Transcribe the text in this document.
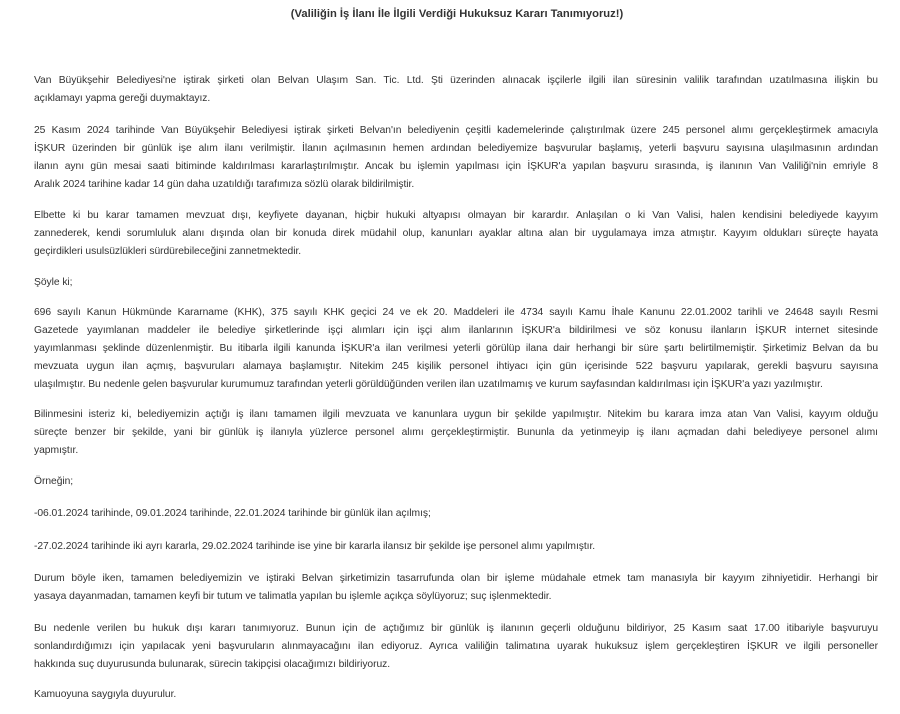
(Valiliğin İş İlanı İle İlgili Verdiği Hukuksuz Kararı Tanımıyoruz!)

Van Büyükşehir Belediyesi'ne iştirak şirketi olan Belvan Ulaşım San. Tic. Ltd. Şti üzerinden alınacak işçilerle ilgili ilan süresinin valilik tarafından uzatılmasına ilişkin bu
açıklamayı yapma gereği duymaktayız.

25 Kasım 2024 tarihinde Van Büyükşehir Belediyesi iştirak şirketi Belvan'ın belediyenin çeşitli kademelerinde çalıştırılmak üzere 245 personel alımı gerçekleştirmek amacıyla
İŞKUR üzerinden bir günlük işe alım ilanı verilmiştir. İlanın açılmasının hemen ardından belediyemize başvurular başlamış, yeterli başvuru sayısına ulaşılmasının ardından
ilanın aynı gün mesai saati bitiminde kaldırılması kararlaştırılmıştır. Ancak bu işlemin yapılması için İŞKUR'a yapılan başvuru sırasında, iş ilanının Van Valiliği'nin emriyle 8
Aralık 2024 tarihine kadar 14 gün daha uzatıldığı tarafımıza sözlü olarak bildirilmiştir.

Elbette ki bu karar tamamen mevzuat dışı, keyfiyete dayanan, hiçbir hukuki altyapısı olmayan bir karardır. Anlaşılan o ki Van Valisi, halen kendisini belediyede kayyım
zannederek, kendi sorumluluk alanı dışında olan bir konuda direk müdahil olup, kanunları ayaklar altına alan bir uygulamaya imza atmıştır. Kayyım oldukları süreçte hayata
geçirdikleri usulsüzlükleri sürdürebileceğini zannetmektedir.

Şöyle ki;

696 sayılı Kanun Hükmünde Kararname (KHK), 375 sayılı KHK geçici 24 ve ek 20. Maddeleri ile 4734 sayılı Kamu İhale Kanunu 22.01.2002 tarihli ve 24648 sayılı Resmi
Gazetede yayımlanan maddeler ile belediye şirketlerinde işçi alımları için işçi alım ilanlarının İŞKUR'a bildirilmesi ve söz konusu ilanların İŞKUR internet sitesinde
yayımlanması şeklinde düzenlenmiştir. Bu itibarla ilgili kanunda İŞKUR'a ilan verilmesi yeterli görülüp ilana dair herhangi bir süre şartı belirtilmemiştir. Şirketimiz Belvan da bu
mevzuata uygun ilan açmış, başvuruları alamaya başlamıştır. Nitekim 245 kişilik personel ihtiyacı için gün içerisinde 522 başvuru yapılarak, gerekli başvuru sayısına
ulaşılmıştır. Bu nedenle gelen başvurular kurumumuz tarafından yeterli görüldüğünden verilen ilan uzatılmamış ve kurum sayfasından kaldırılması için İŞKUR'a yazı yazılmıştır.

Bilinmesini isteriz ki, belediyemizin açtığı iş ilanı tamamen ilgili mevzuata ve kanunlara uygun bir şekilde yapılmıştır. Nitekim bu karara imza atan Van Valisi, kayyım olduğu
süreçte benzer bir şekilde, yani bir günlük iş ilanıyla yüzlerce personel alımı gerçekleştirmiştir. Bununla da yetinmeyip iş ilanı açmadan dahi belediyeye personel alımı
yapmıştır.

Örneğin;

-06.01.2024 tarihinde, 09.01.2024 tarihinde, 22.01.2024 tarihinde bir günlük ilan açılmış;

-27.02.2024 tarihinde iki ayrı kararla, 29.02.2024 tarihinde ise yine bir kararla ilansız bir şekilde işe personel alımı yapılmıştır.

Durum böyle iken, tamamen belediyemizin ve iştiraki Belvan şirketimizin tasarrufunda olan bir işleme müdahale etmek tam manasıyla bir kayyım zihniyetidir. Herhangi bir
yasaya dayanmadan, tamamen keyfi bir tutum ve talimatla yapılan bu işlemle açıkça söylüyoruz; suç işlenmektedir.

Bu nedenle verilen bu hukuk dışı kararı tanımıyoruz. Bunun için de açtığımız bir günlük iş ilanının geçerli olduğunu bildiriyor, 25 Kasım saat 17.00 itibariyle başvuruyu
sonlandırdığımızı için yapılacak yeni başvuruların alınmayacağını ilan ediyoruz. Ayrıca valiliğin talimatına uyarak hukuksuz işlem gerçekleştiren İŞKUR ve ilgili personeller
hakkında suç duyurusunda bulunarak, sürecin takipçisi olacağımızı bildiriyoruz.

Kamuoyuna saygıyla duyurulur.
